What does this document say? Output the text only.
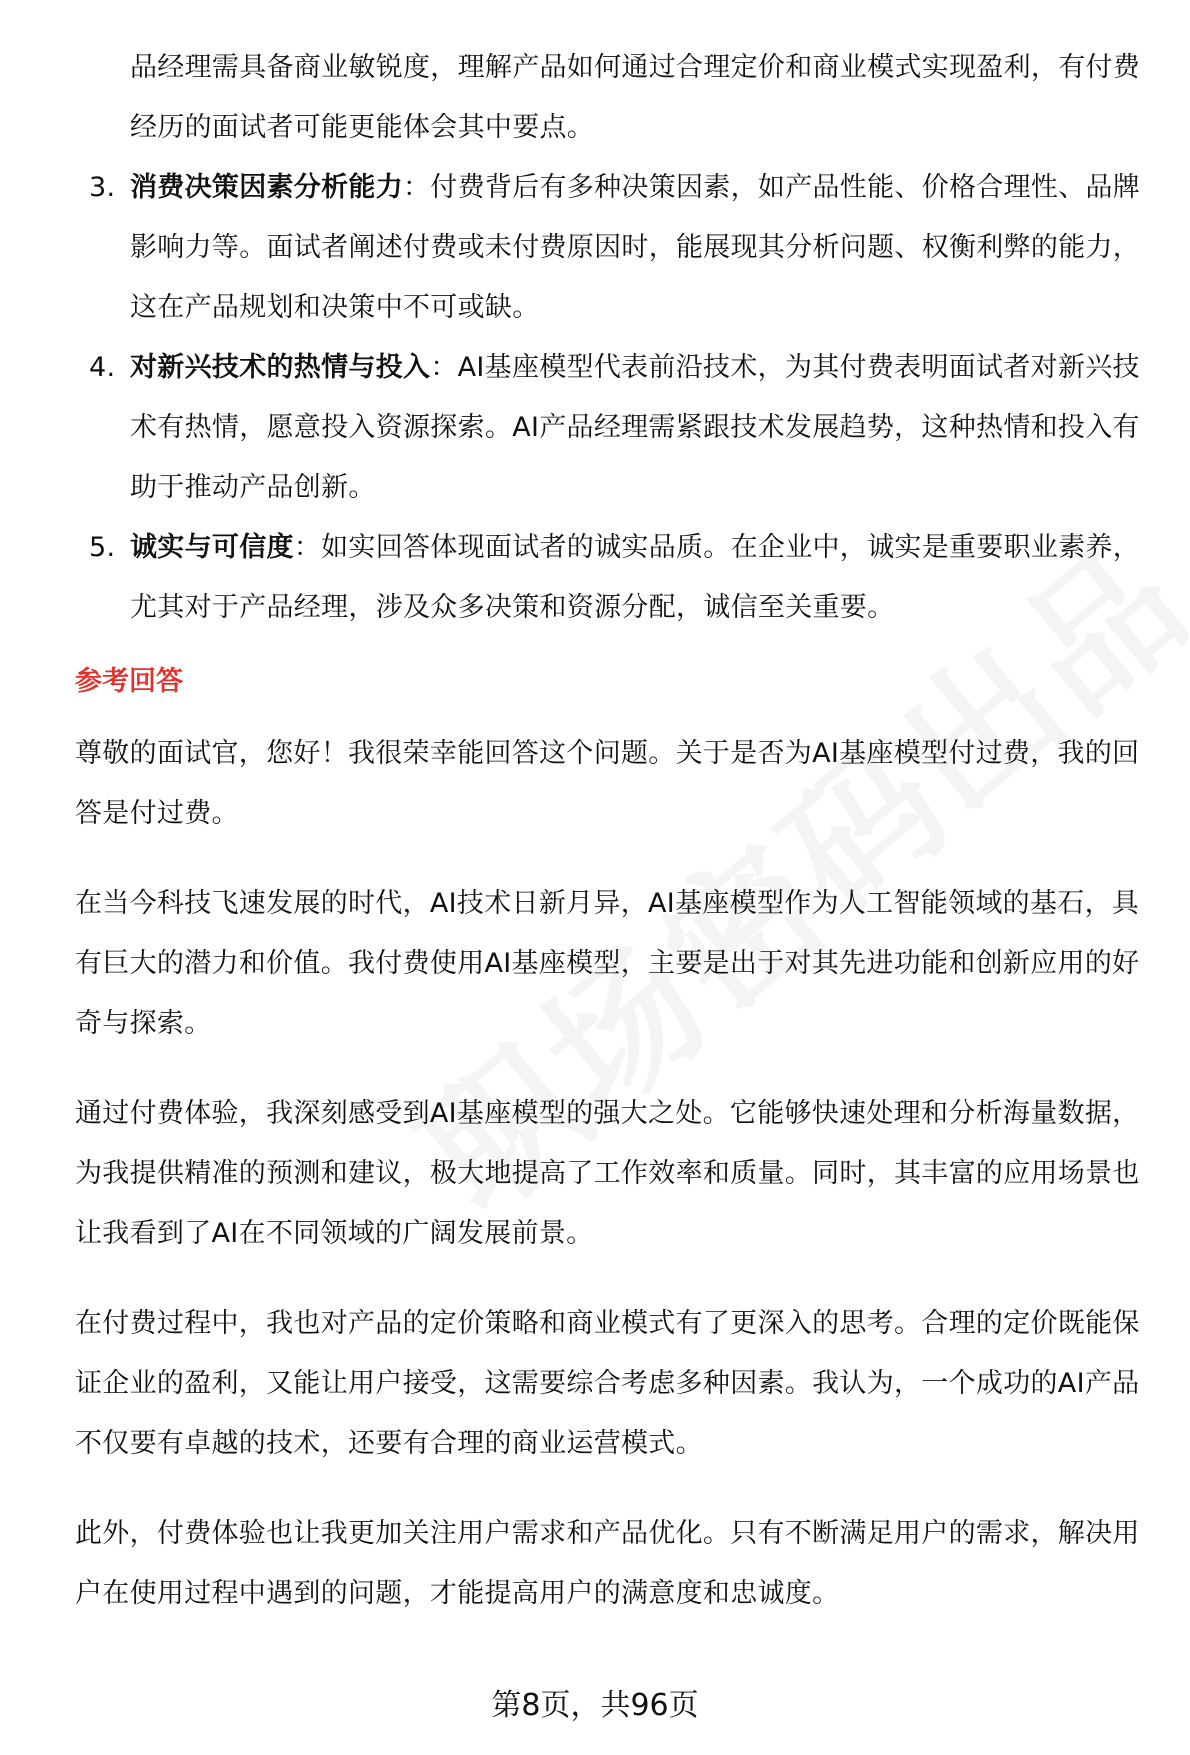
品经理需具备商业敏锐度，理解产品如何通过合理定价和商业模式实现盈利，有付费经历的面试者可能更能体会其中要点。

3. 消费决策因素分析能力：付费背后有多种决策因素，如产品性能、价格合理性、品牌影响力等。面试者阐述付费或未付费原因时，能展现其分析问题、权衡利弊的能力，这在产品规划和决策中不可或缺。
4. 对新兴技术的热情与投入：AI基座模型代表前沿技术，为其付费表明面试者对新兴技术有热情，愿意投入资源探索。AI产品经理需紧跟技术发展趋势，这种热情和投入有助于推动产品创新。
5. 诚实与可信度：如实回答体现面试者的诚实品质。在企业中，诚实是重要职业素养，尤其对于产品经理，涉及众多决策和资源分配，诚信至关重要。
参考回答

尊敬的面试官，您好！我很荣幸能回答这个问题。关于是否为AI基座模型付过费，我的回答是付过费。

在当今科技飞速发展的时代，AI技术日新月异，AI基座模型作为人工智能领域的基石，具有巨大的潜力和价值。我付费使用AI基座模型，主要是出于对其先进功能和创新应用的好奇与探索。

通过付费体验，我深刻感受到AI基座模型的强大之处。它能够快速处理和分析海量数据，为我提供精准的预测和建议，极大地提高了工作效率和质量。同时，其丰富的应用场景也让我看到了AI在不同领域的广阔发展前景。

在付费过程中，我也对产品的定价策略和商业模式有了更深入的思考。合理的定价既能保证企业的盈利，又能让用户接受，这需要综合考虑多种因素。我认为，一个成功的AI产品不仅要有卓越的技术，还要有合理的商业运营模式。

此外，付费体验也让我更加关注用户需求和产品优化。只有不断满足用户的需求，解决用户在使用过程中遇到的问题，才能提高用户的满意度和忠诚度。

第8页，共96页
